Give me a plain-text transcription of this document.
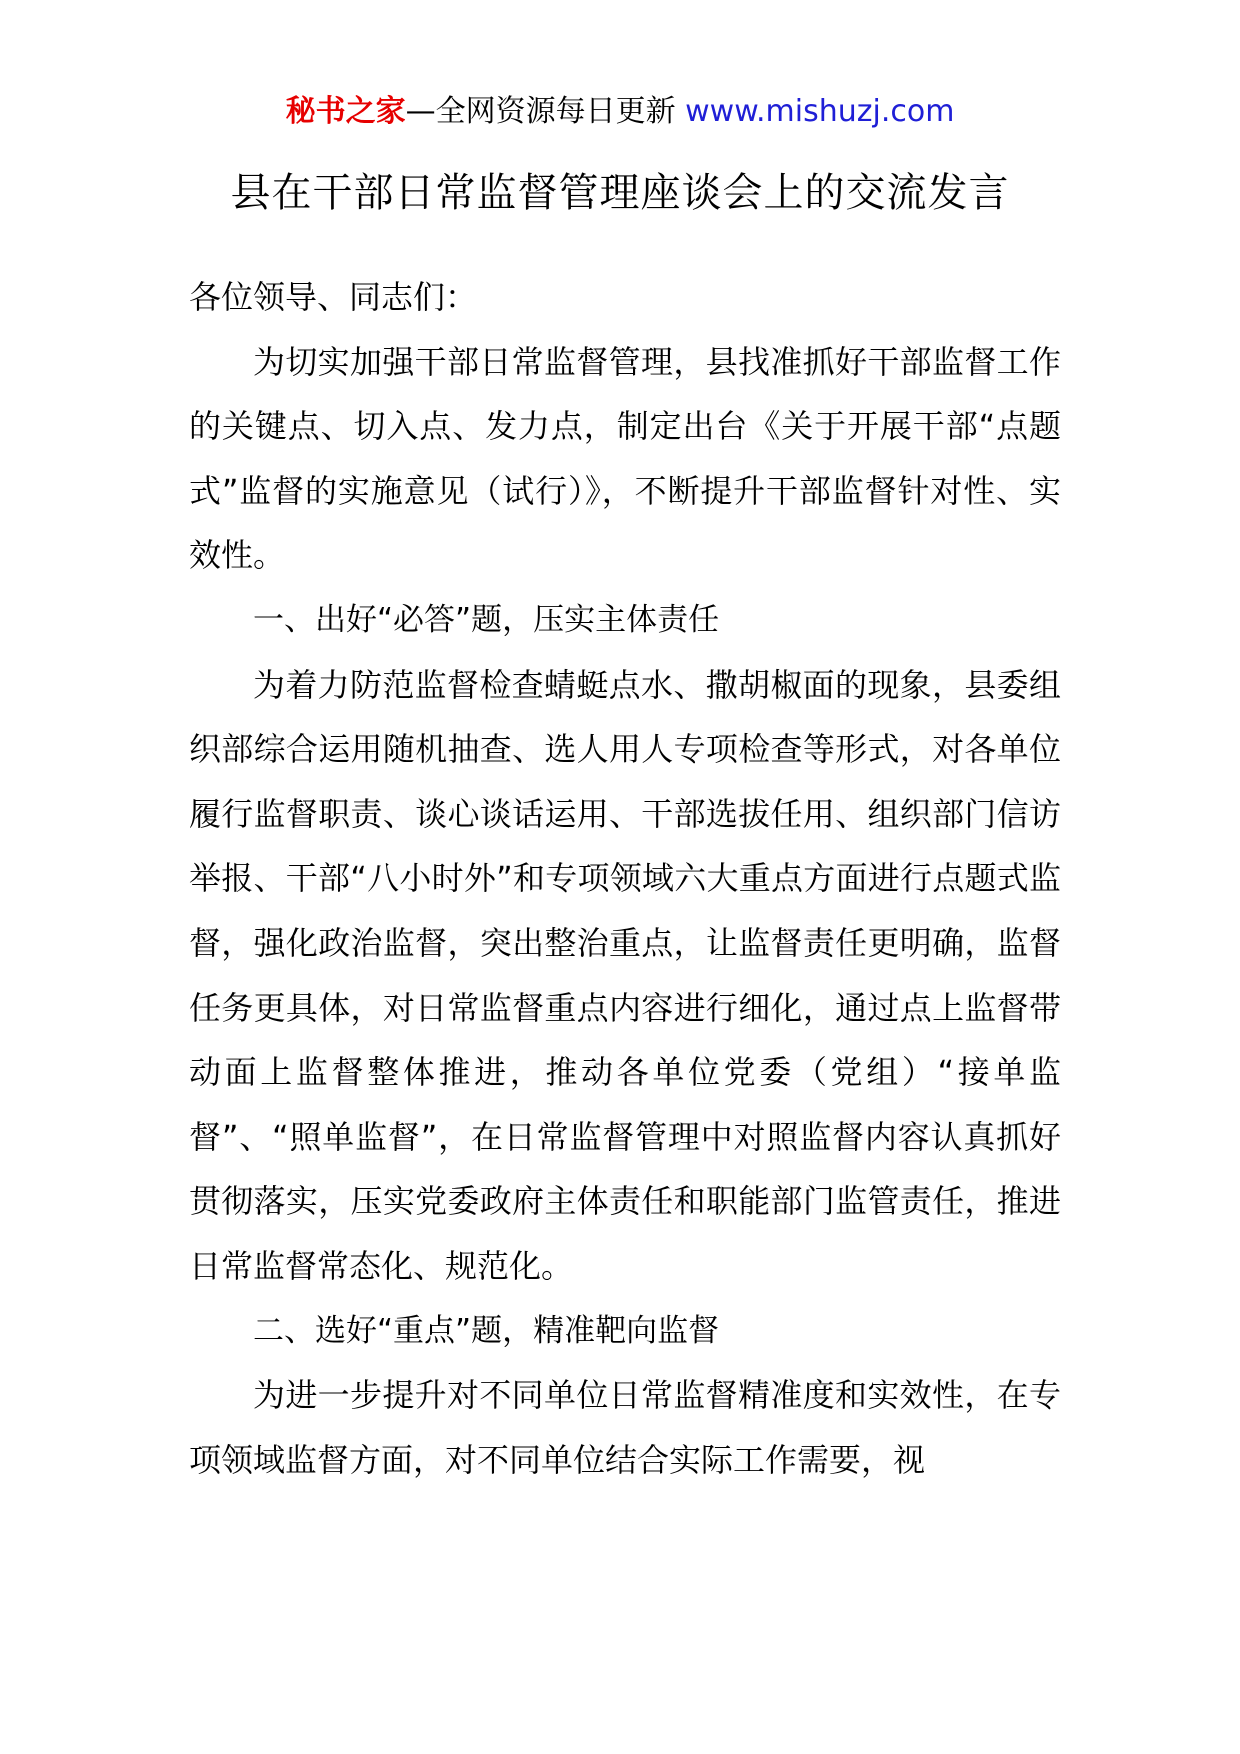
秘书之家—全网资源每日更新 www.mishuzj.com
县在干部日常监督管理座谈会上的交流发言

各位领导、同志们：

为切实加强干部日常监督管理，县找准抓好干部监督工作的关键点、切入点、发力点，制定出台《关于开展干部“点题式”监督的实施意见（试行）》，不断提升干部监督针对性、实效性。

一、出好“必答”题，压实主体责任

为着力防范监督检查蜻蜓点水、撒胡椒面的现象，县委组织部综合运用随机抽查、选人用人专项检查等形式，对各单位履行监督职责、谈心谈话运用、干部选拔任用、组织部门信访举报、干部“八小时外”和专项领域六大重点方面进行点题式监督，强化政治监督，突出整治重点，让监督责任更明确，监督任务更具体，对日常监督重点内容进行细化，通过点上监督带动面上监督整体推进，推动各单位党委（党组）“接单监督”、“照单监督”，在日常监督管理中对照监督内容认真抓好贯彻落实，压实党委政府主体责任和职能部门监管责任，推进日常监督常态化、规范化。

二、选好“重点”题，精准靶向监督

为进一步提升对不同单位日常监督精准度和实效性，在专项领域监督方面，对不同单位结合实际工作需要，视
